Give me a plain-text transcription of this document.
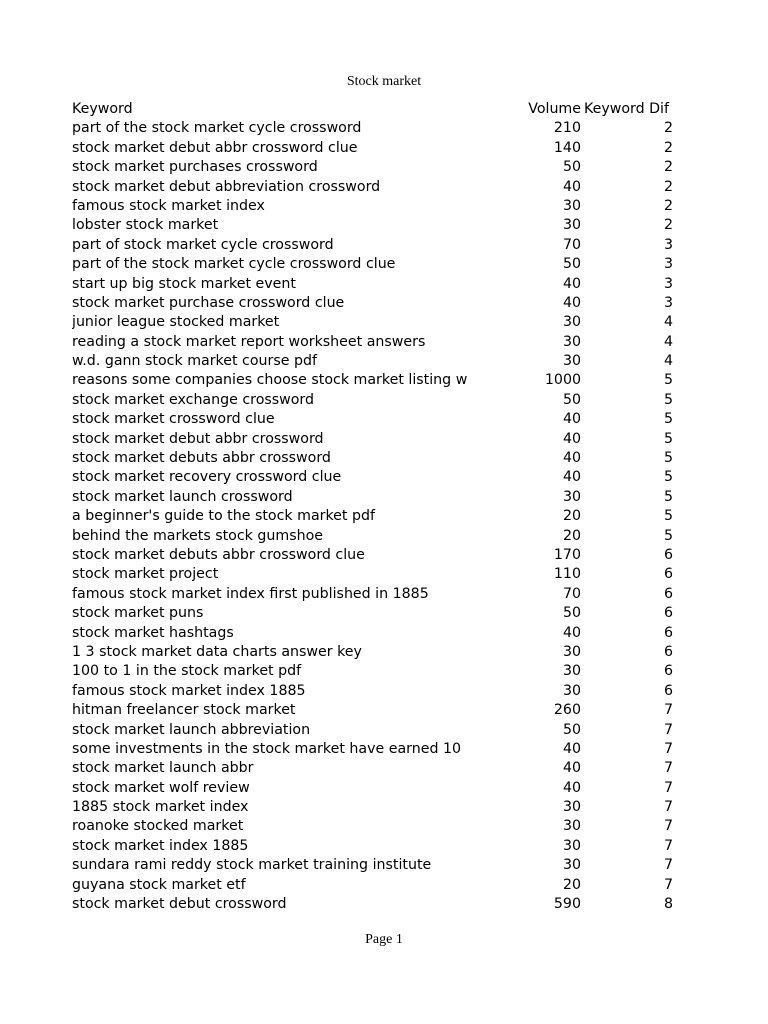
Stock market
Keyword	Volume Keyword Dif
part of the stock market cycle crossword	210	2
stock market debut abbr crossword clue	140	2
stock market purchases crossword	50	2
stock market debut abbreviation crossword	40	2
famous stock market index	30	2
lobster stock market	30	2
part of stock market cycle crossword	70	3
part of the stock market cycle crossword clue	50	3
start up big stock market event	40	3
stock market purchase crossword clue	40	3
junior league stocked market	30	4
reading a stock market report worksheet answers	30	4
w.d. gann stock market course pdf	30	4
reasons some companies choose stock market listing w	1000	5
stock market exchange crossword	50	5
stock market crossword clue	40	5
stock market debut abbr crossword	40	5
stock market debuts abbr crossword	40	5
stock market recovery crossword clue	40	5
stock market launch crossword	30	5
a beginner's guide to the stock market pdf	20	5
behind the markets stock gumshoe	20	5
stock market debuts abbr crossword clue	170	6
stock market project	110	6
famous stock market index first published in 1885	70	6
stock market puns	50	6
stock market hashtags	40	6
1 3 stock market data charts answer key	30	6
100 to 1 in the stock market pdf	30	6
famous stock market index 1885	30	6
hitman freelancer stock market	260	7
stock market launch abbreviation	50	7
some investments in the stock market have earned 10	40	7
stock market launch abbr	40	7
stock market wolf review	40	7
1885 stock market index	30	7
roanoke stocked market	30	7
stock market index 1885	30	7
sundara rami reddy stock market training institute	30	7
guyana stock market etf	20	7
stock market debut crossword	590	8
Page 1
